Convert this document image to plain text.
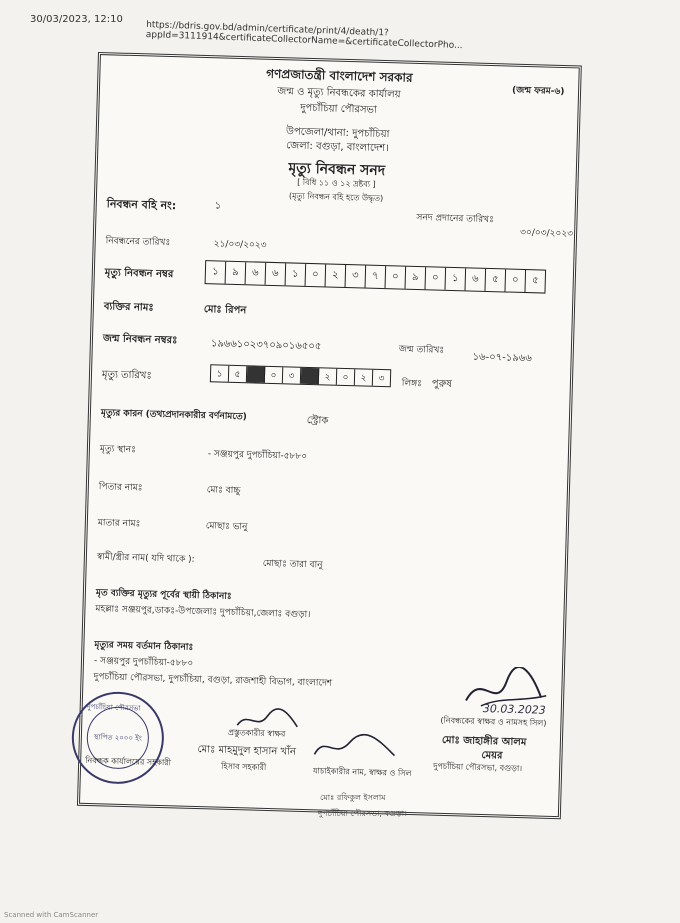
30/03/2023, 12:10
https://bdris.gov.bd/admin/certificate/print/4/death/1?appId=3111914&certificateCollectorName=&certificateCollectorPho...
গণপ্রজাতন্ত্রী বাংলাদেশ সরকার
(জন্ম ফরম-৬)
জন্ম ও মৃত্যু নিবন্ধকের কার্যালয়
দুপচাঁচিয়া পৌরসভা
উপজেলা/থানা: দুপচাঁচিয়া
জেলা: বগুড়া, বাংলাদেশ।
মৃত্যু নিবন্ধন সনদ
[ বিধি ১১ ও ১২ দ্রষ্টব্য ]
(মৃত্যু নিবন্ধন বহি হতে উদ্ধৃত)
নিবন্ধন বহি নং:	১
সনদ প্রদানের তারিখঃ
৩০/০৩/২০২৩
নিবন্ধনের তারিখঃ	২১/০৩/২০২৩
মৃত্যু নিবন্ধন নম্বর	১	৯	৬	৬	১	০	২	৩	৭	০	৯	০	১	৬	৫	০	৫
ব্যক্তির নামঃ	মোঃ রিপন
জন্ম নিবন্ধন নম্বরঃ	১৯৬৬১০২৩৭০৯০১৬৫০৫	জন্ম তারিখঃ
১৬-০৭-১৯৬৬
মৃত্যু তারিখঃ	১	৫	০	৩	২	০	২	৩
লিঙ্গঃ পুরুষ
মৃত্যুর কারন (তথ্যপ্রদানকারীর বর্ণনামতে)	স্ট্রোক
মৃত্যু স্থানঃ	- সঞ্জয়পুর দুপচাঁচিয়া-৫৮৮০
পিতার নামঃ	মোঃ বাচ্চু
মাতার নামঃ	মোছাঃ ভানু
স্বামী/স্ত্রীর নাম( যদি থাকে ):	মোছাঃ তারা বানু
মৃত ব্যক্তির মৃত্যুর পূর্বের স্থায়ী ঠিকানাঃ
মহল্লাঃ সঞ্জয়পুর,ডাকঃ-উপজেলাঃ দুপচাঁচিয়া,জেলাঃ বগুড়া।
মৃত্যুর সময় বর্তমান ঠিকানাঃ
- সঞ্জয়পুর দুপচাঁচিয়া-৫৮৮০
দুপচাঁচিয়া পৌরসভা, দুপচাঁচিয়া, বগুড়া, রাজশাহী বিভাগ, বাংলাদেশ
30.03.2023
(নিবন্ধকের স্বাক্ষর ও নামসহ সিল)
মোঃ জাহাঙ্গীর আলম
মেয়র
দুপচাঁচিয়া পৌরসভা, বগুড়া।
স্থাপিত ২০০০ ইং
দুপচাঁচিয়া পৌরসভা
প্রস্তুতকারীর স্বাক্ষর
মোঃ মাহমুদুল হাসান খাঁন
নিবন্ধক কার্যালয়ের সহকারী	হিসাব সহকারী	যাচাইকারীর নাম, স্বাক্ষর ও সিল
মোঃ রফিকুল ইসলাম
দুপচাঁচিয়া পৌরসভা, বগুড়া।
Scanned with CamScanner
